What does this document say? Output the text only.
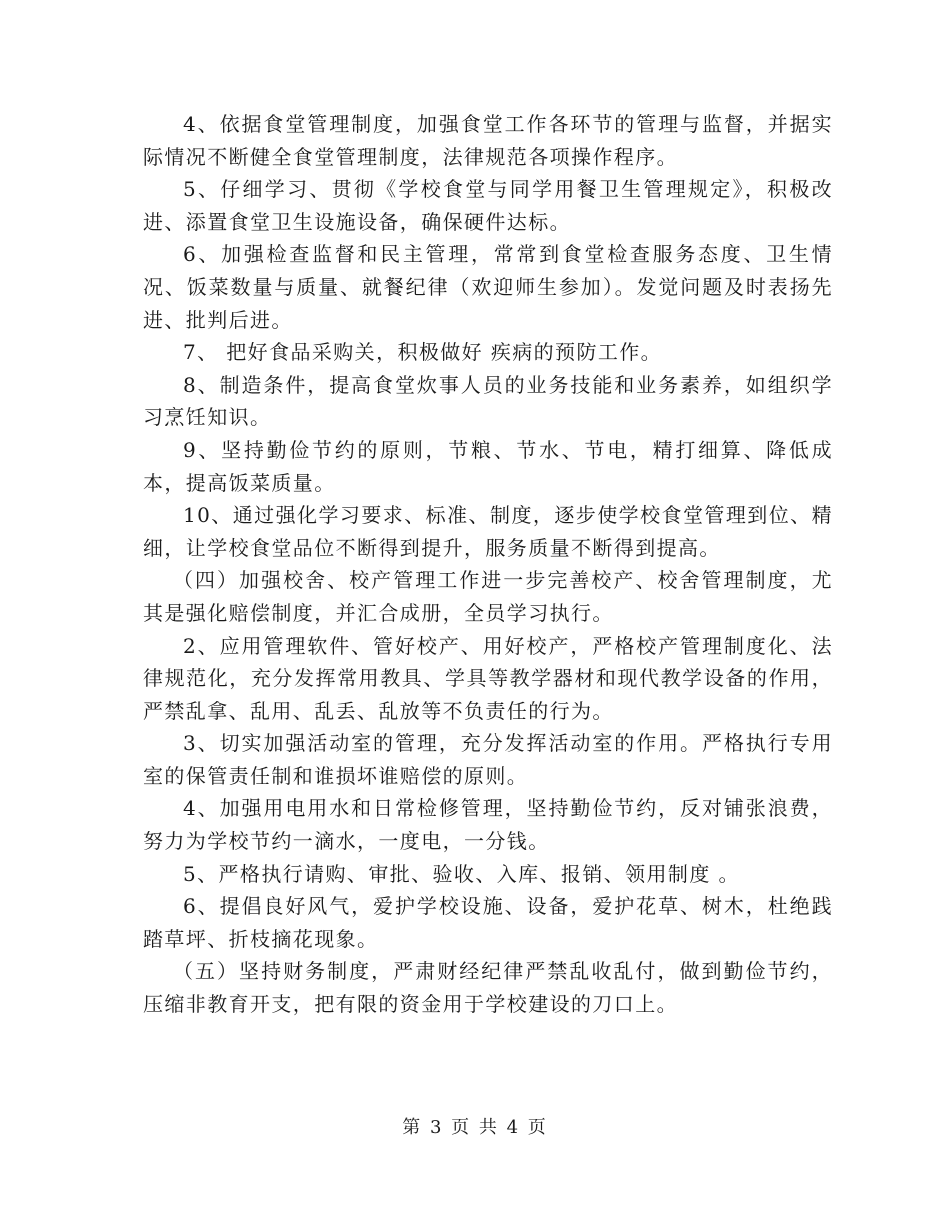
4、依据食堂管理制度，加强食堂工作各环节的管理与监督，并据实际情况不断健全食堂管理制度，法律规范各项操作程序。

5、仔细学习、贯彻《学校食堂与同学用餐卫生管理规定》，积极改进、添置食堂卫生设施设备，确保硬件达标。

6、加强检查监督和民主管理，常常到食堂检查服务态度、卫生情况、饭菜数量与质量、就餐纪律（欢迎师生参加）。发觉问题及时表扬先进、批判后进。

7、 把好食品采购关，积极做好 疾病的预防工作。

8、制造条件，提高食堂炊事人员的业务技能和业务素养，如组织学习烹饪知识。

9、坚持勤俭节约的原则，节粮、节水、节电，精打细算、降低成本，提高饭菜质量。

10、通过强化学习要求、标准、制度，逐步使学校食堂管理到位、精细，让学校食堂品位不断得到提升，服务质量不断得到提高。

（四）加强校舍、校产管理工作进一步完善校产、校舍管理制度，尤其是强化赔偿制度，并汇合成册，全员学习执行。

2、应用管理软件、管好校产、用好校产，严格校产管理制度化、法律规范化，充分发挥常用教具、学具等教学器材和现代教学设备的作用，严禁乱拿、乱用、乱丢、乱放等不负责任的行为。

3、切实加强活动室的管理，充分发挥活动室的作用。严格执行专用室的保管责任制和谁损坏谁赔偿的原则。

4、加强用电用水和日常检修管理，坚持勤俭节约，反对铺张浪费，努力为学校节约一滴水，一度电，一分钱。

5、严格执行请购、审批、验收、入库、报销、领用制度 。

6、提倡良好风气，爱护学校设施、设备，爱护花草、树木，杜绝践踏草坪、折枝摘花现象。

（五）坚持财务制度，严肃财经纪律严禁乱收乱付，做到勤俭节约，压缩非教育开支，把有限的资金用于学校建设的刀口上。

第 3 页 共 4 页
